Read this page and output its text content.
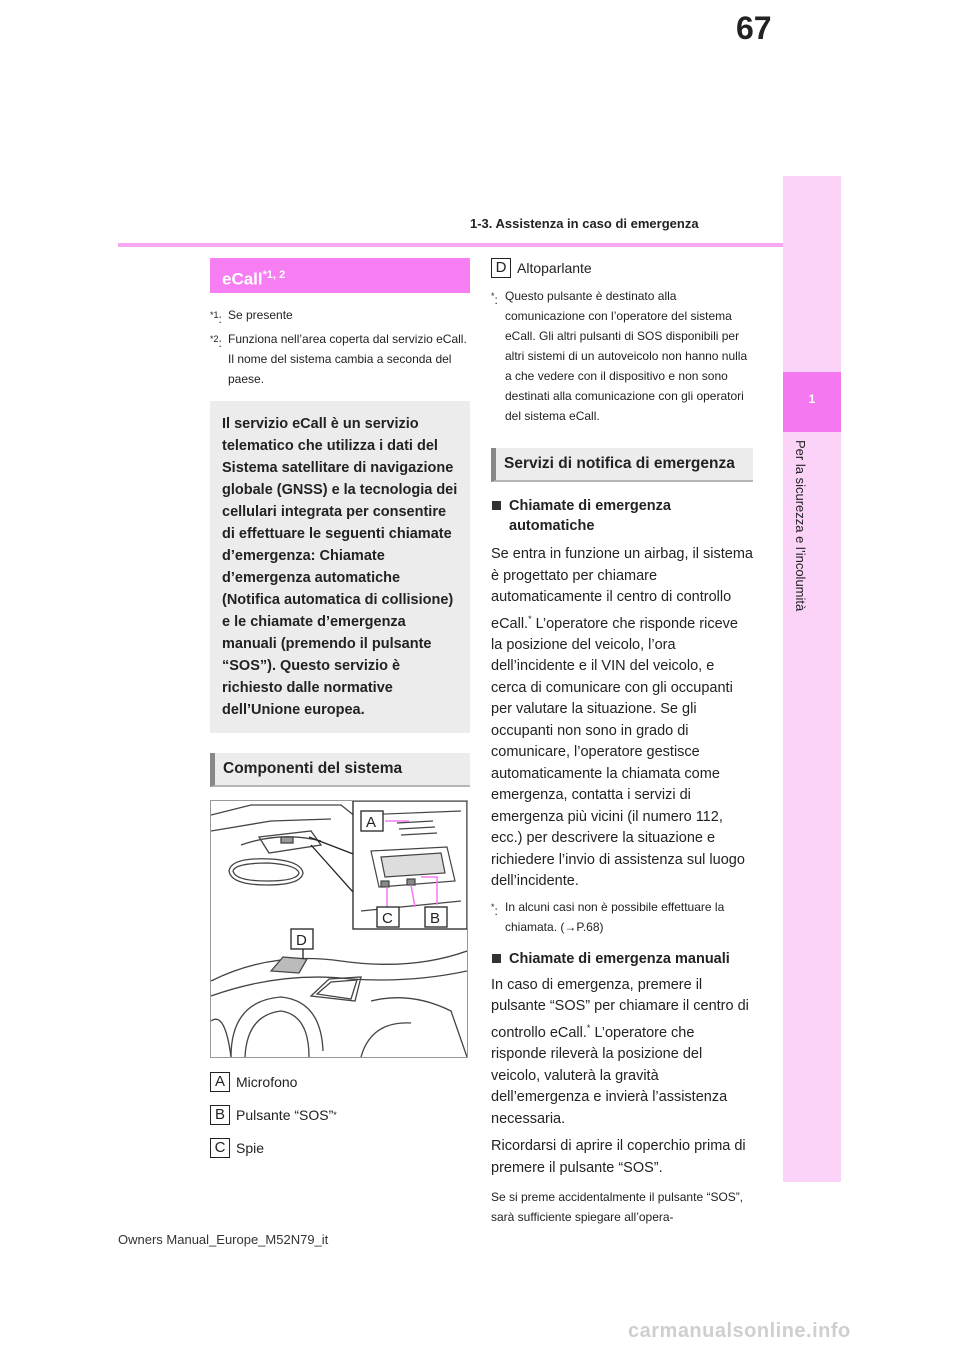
67
1-3. Assistenza in caso di emergenza
1
Per la sicurezza e l’incolumità
eCall$^{*1, 2}$
$^{*1}$: Se presente
$^{*2}$: Funziona nell’area coperta dal servizio eCall. Il nome del sistema cambia a seconda del paese.
Il servizio eCall è un servizio telematico che utilizza i dati del Sistema satellitare di navigazione globale (GNSS) e la tecnologia dei cellulari integrata per consentire di effettuare le seguenti chiamate d’emergenza: Chiamate d’emergenza automatiche (Notifica automatica di collisione) e le chiamate d’emergenza manuali (premendo il pulsante “SOS”). Questo servizio è richiesto dalle normative dell’Unione europea.
Componenti del sistema
A
C B
D
A Microfono
B Pulsante “SOS” *
C Spie
D Altoparlante
*: Questo pulsante è destinato alla comunicazione con l’operatore del sistema eCall. Gli altri pulsanti di SOS disponibili per altri sistemi di un autoveicolo non hanno nulla a che vedere con il dispositivo e non sono destinati alla comunicazione con gli operatori del sistema eCall.
Servizi di notifica di emergenza
Chiamate di emergenza automatiche
Se entra in funzione un airbag, il sistema è progettato per chiamare automaticamente il centro di controllo eCall.* L’operatore che risponde riceve la posizione del veicolo, l’ora dell’incidente e il VIN del veicolo, e cerca di comunicare con gli occupanti per valutare la situazione. Se gli occupanti non sono in grado di comunicare, l’operatore gestisce automaticamente la chiamata come emergenza, contatta i servizi di emergenza più vicini (il numero 112, ecc.) per descrivere la situazione e richiedere l’invio di assistenza sul luogo dell’incidente.
*: In alcuni casi non è possibile effettuare la chiamata. (→P.68)
Chiamate di emergenza manuali
In caso di emergenza, premere il pulsante “SOS” per chiamare il centro di controllo eCall.* L’operatore che risponde rileverà la posizione del veicolo, valuterà la gravità dell’emergenza e invierà l’assistenza necessaria.
Ricordarsi di aprire il coperchio prima di premere il pulsante “SOS”.
Se si preme accidentalmente il pulsante “SOS”, sarà sufficiente spiegare all’opera-
Owners Manual_Europe_M52N79_it
carmanualsonline.info
